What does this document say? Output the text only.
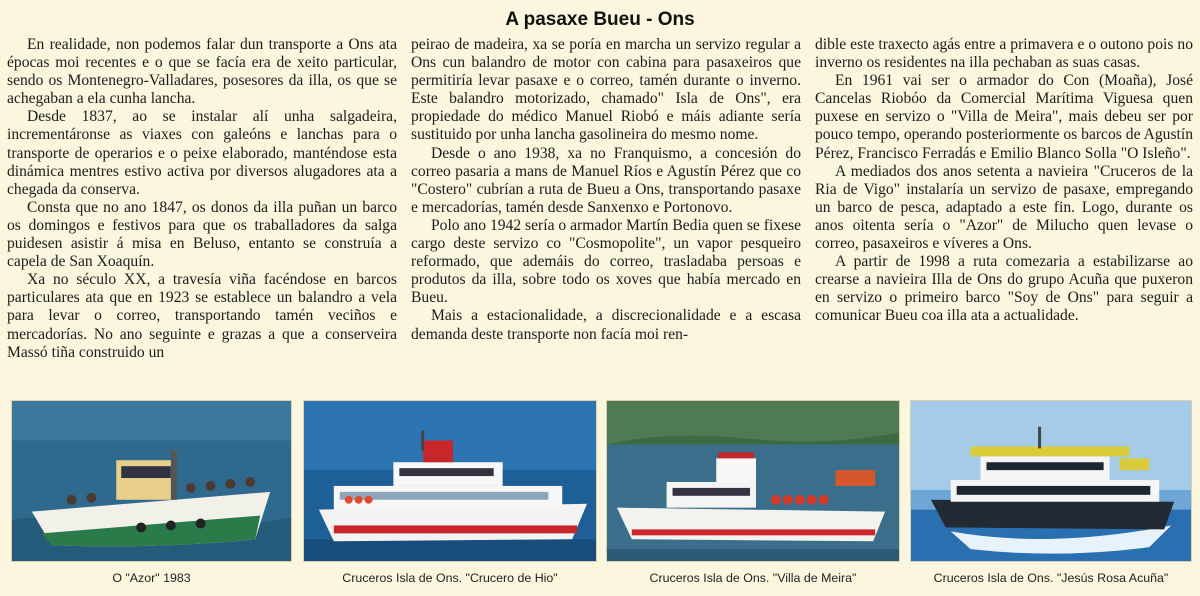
A pasaxe Bueu - Ons

En realidade, non podemos falar dun transporte a Ons ata épocas moi recentes e o que se facía era de xeito particular, sendo os Montenegro-Valladares, posesores da illa, os que se achegaban a ela cunha lancha.

Desde 1837, ao se instalar alí unha salgadeira, incrementáronse as viaxes con galeóns e lanchas para o transporte de operarios e o peixe elaborado, manténdose esta dinámica mentres estivo activa por diversos alugadores ata a chegada da conserva.

Consta que no ano 1847, os donos da illa puñan un barco os domingos e festivos para que os traballadores da salga puidesen asistir á misa en Beluso, entanto se construía a capela de San Xoaquín.

Xa no século XX, a travesía viña facéndose en barcos particulares ata que en 1923 se establece un balandro a vela para levar o correo, transportando tamén veciños e mercadorías. No ano seguinte e grazas a que a conserveira Massó tiña construido un

peirao de madeira, xa se poría en marcha un servizo regular a Ons cun balandro de motor con cabina para pasaxeiros que permitiría levar pasaxe e o correo, tamén durante o inverno. Este balandro motorizado, chamado" Isla de Ons", era propiedade do médico Manuel Riobó e máis adiante sería sustituido por unha lancha gasolineira do mesmo nome.

Desde o ano 1938, xa no Franquismo, a concesión do correo pasaria a mans de Manuel Ríos e Agustín Pérez que co "Costero" cubrían a ruta de Bueu a Ons, transportando pasaxe e mercadorías, tamén desde Sanxenxo e Portonovo.

Polo ano 1942 sería o armador Martín Bedia quen se fixese cargo deste servizo co "Cosmopolite", un vapor pesqueiro reformado, que ademáis do correo, trasladaba persoas e produtos da illa, sobre todo os xoves que había mercado en Bueu.

Mais a estacionalidade, a discrecionalidade e a escasa demanda deste transporte non facía moi ren-

dible este traxecto agás entre a primavera e o outono pois no inverno os residentes na illa pechaban as suas casas.

En 1961 vai ser o armador do Con (Moaña), José Cancelas Riobóo da Comercial Marítima Viguesa quen puxese en servizo o "Villa de Meira", mais debeu ser por pouco tempo, operando posteriormente os barcos de Agustín Pérez, Francisco Ferradás e Emilio Blanco Solla "O Isleño".

A mediados dos anos setenta a navieira "Cruceros de la Ria de Vigo" instalaría un servizo de pasaxe, empregando un barco de pesca, adaptado a este fin. Logo, durante os anos oitenta sería o "Azor" de Milucho quen levase o correo, pasaxeiros e víveres a Ons.

A partir de 1998 a ruta comezaria a estabilizarse ao crearse a navieira Illa de Ons do grupo Acuña que puxeron en servizo o primeiro barco "Soy de Ons" para seguir a comunicar Bueu coa illa ata a actualidade.

O "Azor" 1983	Cruceros Isla de Ons. "Crucero de Hio"	Cruceros Isla de Ons. "Villa de Meira"	Cruceros Isla de Ons. "Jesús Rosa Acuña"
